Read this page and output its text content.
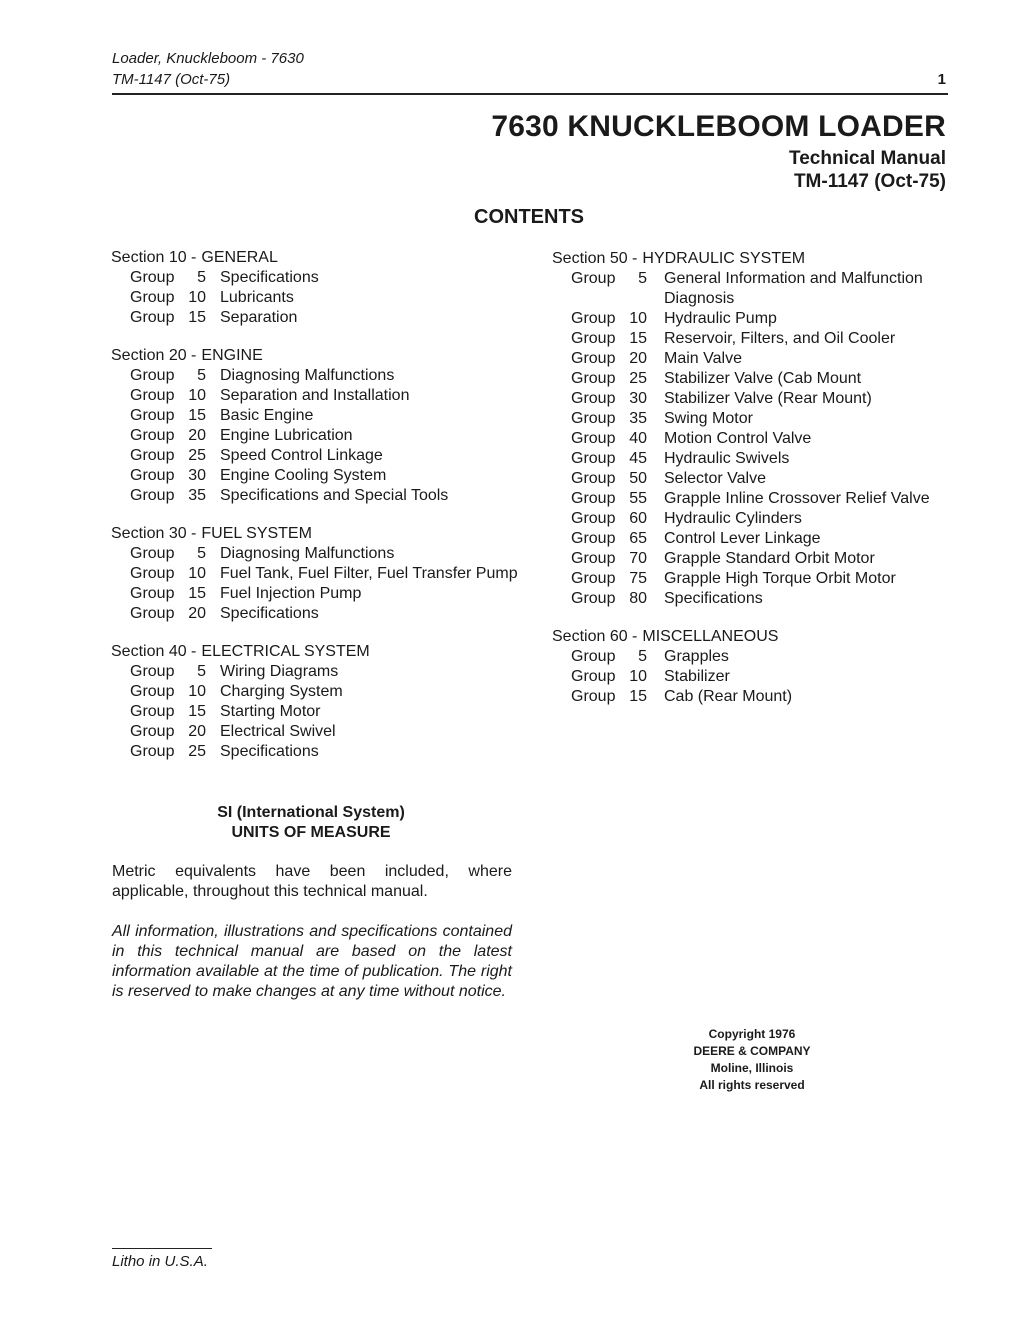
Loader, Knuckleboom - 7630
TM-1147 (Oct-75)	1
7630 KNUCKLEBOOM LOADER
Technical Manual
TM-1147 (Oct-75)
CONTENTS
Section 10 - GENERAL
Group	5 Specifications
Group 10 Lubricants
Group 15 Separation
Section 20 - ENGINE
Group	5 Diagnosing Malfunctions
Group 10 Separation and Installation
Group 15 Basic Engine
Group 20 Engine Lubrication
Group 25 Speed Control Linkage
Group 30 Engine Cooling System
Group 35 Specifications and Special Tools
Section 30 - FUEL SYSTEM
Group	5 Diagnosing Malfunctions
Group 10 Fuel Tank, Fuel Filter, Fuel Transfer Pump
Group 15 Fuel Injection Pump
Group 20 Specifications
Section 40 - ELECTRICAL SYSTEM
Group	5 Wiring Diagrams
Group 10 Charging System
Group 15 Starting Motor
Group 20 Electrical Swivel
Group 25 Specifications
Section 50 - HYDRAULIC SYSTEM
Group	5 General Information and Malfunction Diagnosis
Group 10 Hydraulic Pump
Group 15 Reservoir, Filters, and Oil Cooler
Group 20 Main Valve
Group 25 Stabilizer Valve (Cab Mount
Group 30 Stabilizer Valve (Rear Mount)
Group 35 Swing Motor
Group 40 Motion Control Valve
Group 45 Hydraulic Swivels
Group 50 Selector Valve
Group 55 Grapple Inline Crossover Relief Valve
Group 60 Hydraulic Cylinders
Group 65 Control Lever Linkage
Group 70 Grapple Standard Orbit Motor
Group 75 Grapple High Torque Orbit Motor
Group 80 Specifications
Section 60 - MISCELLANEOUS
Group	5 Grapples
Group 10 Stabilizer
Group 15 Cab (Rear Mount)
SI (International System)
UNITS OF MEASURE
Metric equivalents have been included, where applicable, throughout this technical manual.
All information, illustrations and specifications contained in this technical manual are based on the latest information available at the time of publication. The right is reserved to make changes at any time without notice.
Copyright 1976
DEERE & COMPANY
Moline, Illinois
All rights reserved
Litho in U.S.A.
